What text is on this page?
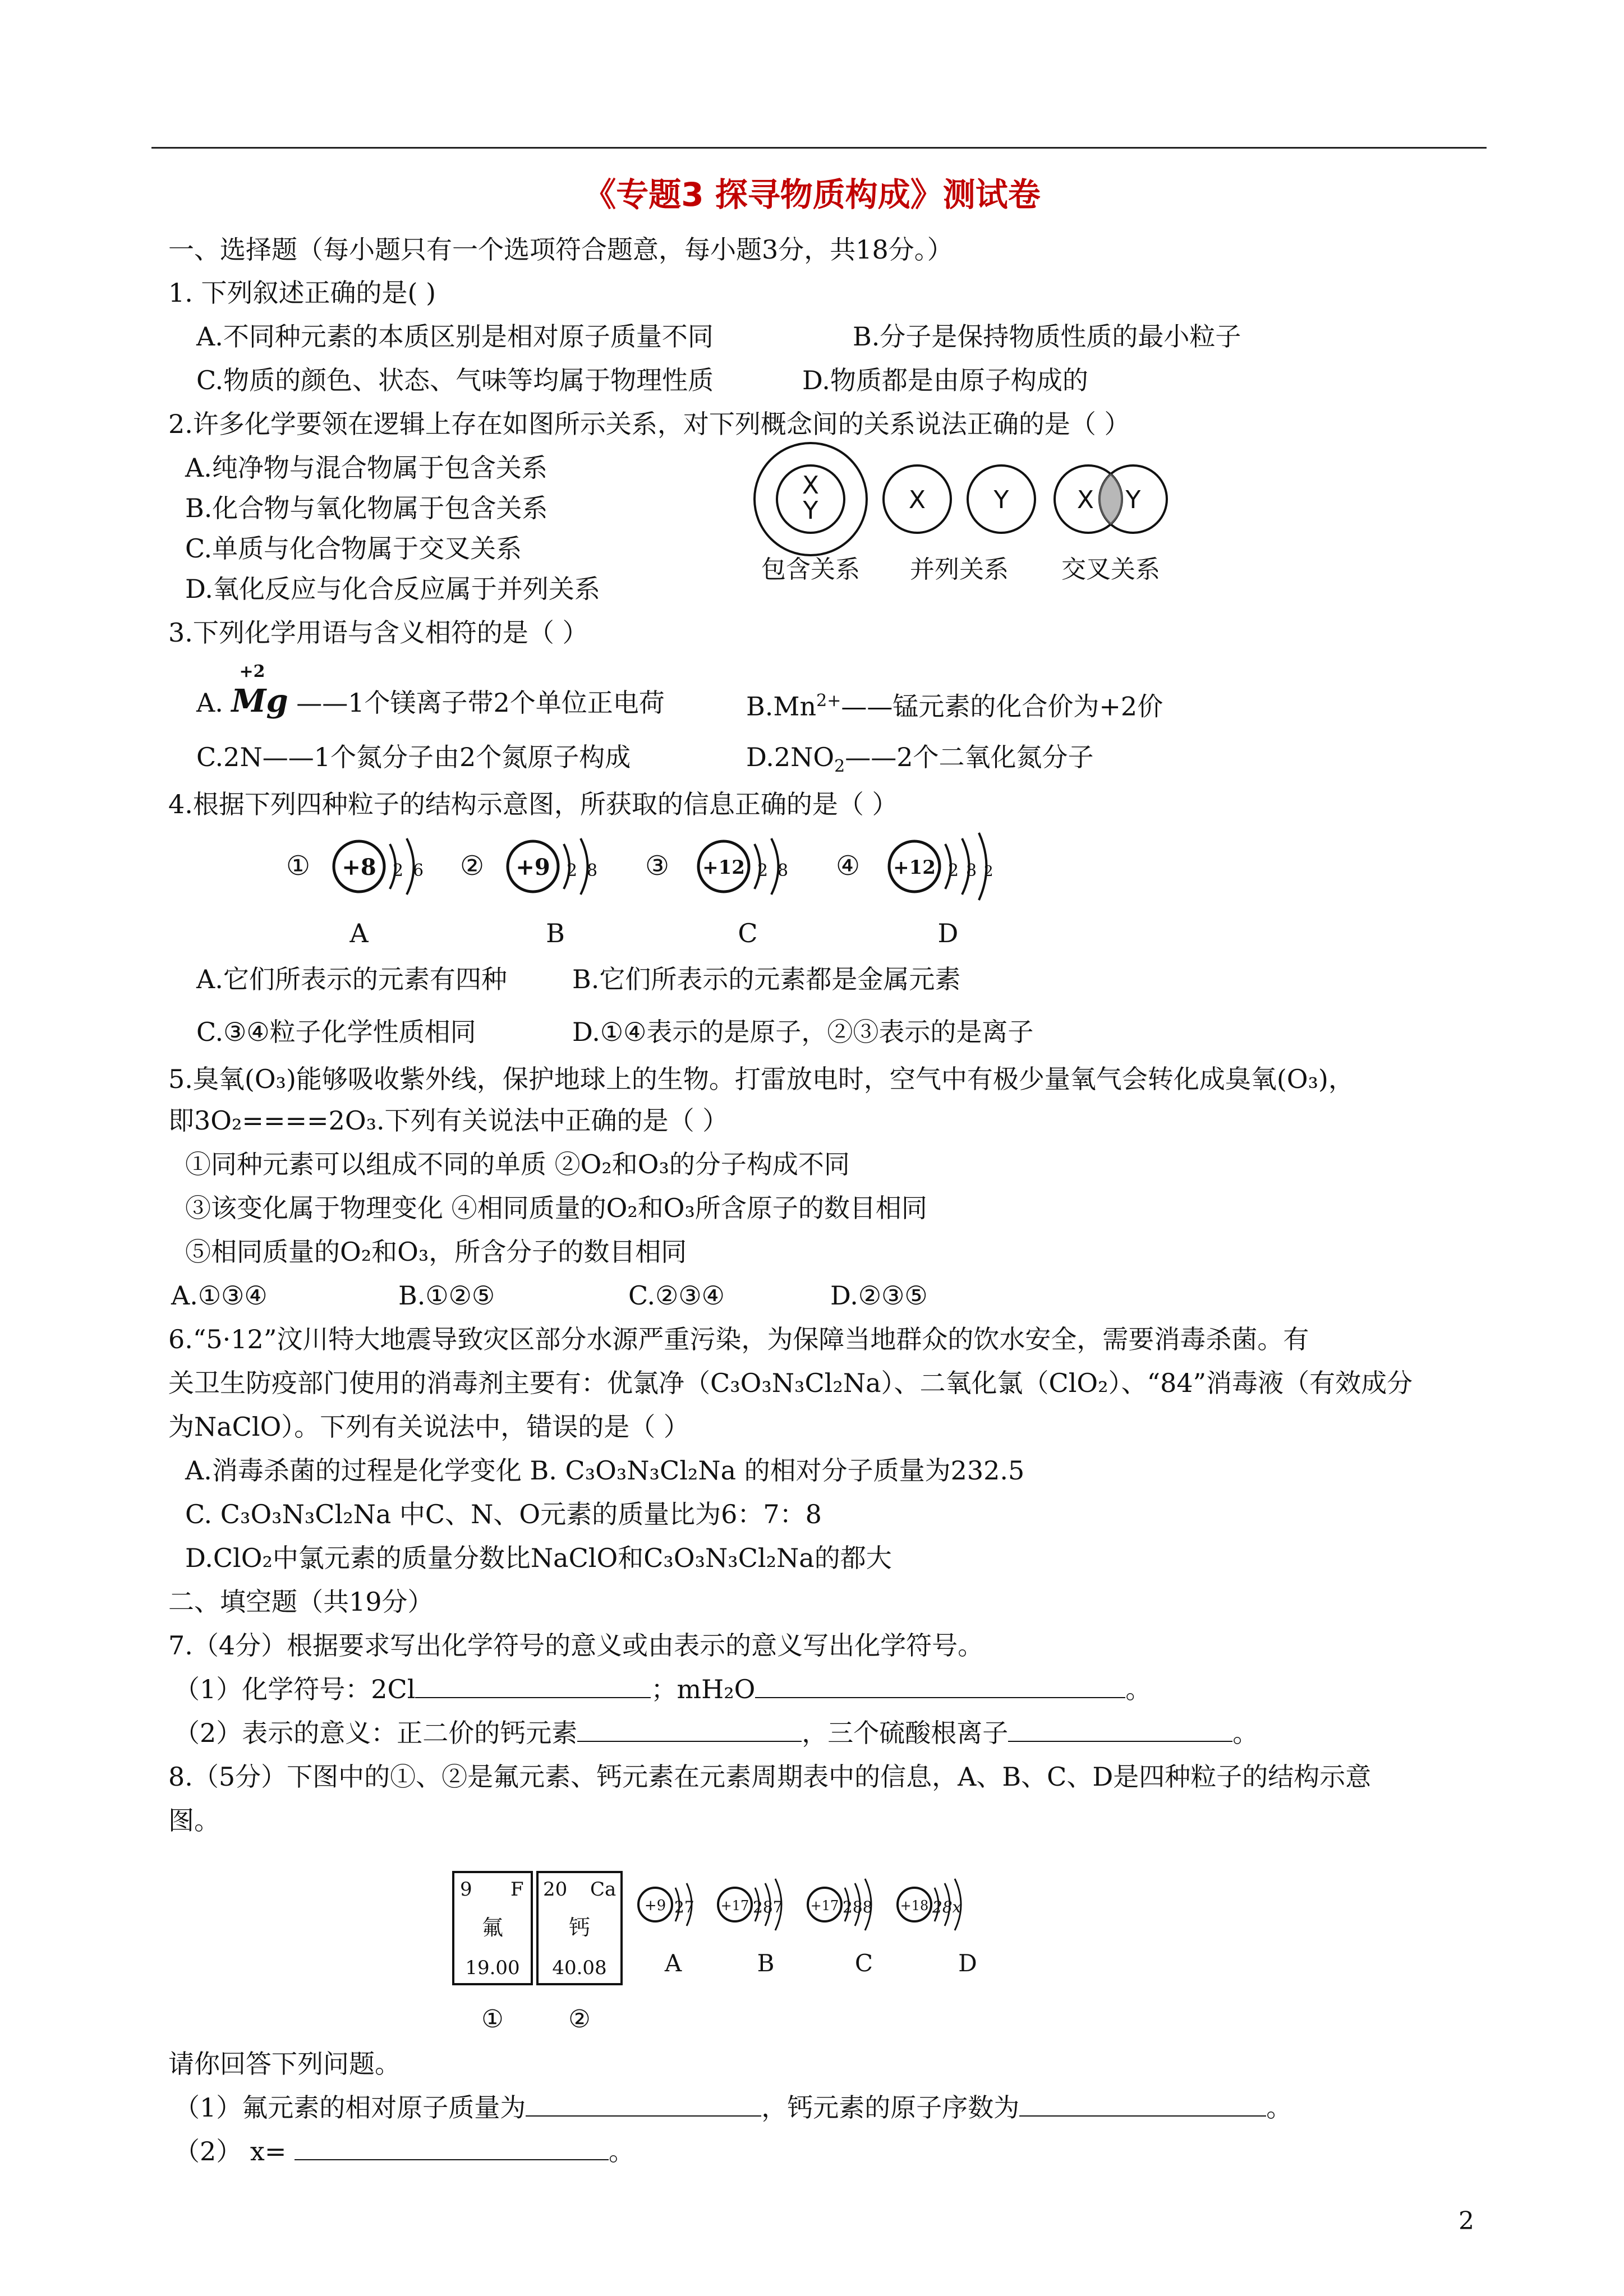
《专题3 探寻物质构成》测试卷
一、选择题（每小题只有一个选项符合题意，每小题3分，共18分。）
1. 下列叙述正确的是( )
A.不同种元素的本质区别是相对原子质量不同	B.分子是保持物质性质的最小粒子
C.物质的颜色、状态、气味等均属于物理性质	D.物质都是由原子构成的
2.许多化学要领在逻辑上存在如图所示关系，对下列概念间的关系说法正确的是（ ）
A.纯净物与混合物属于包含关系
B.化合物与氧化物属于包含关系
C.单质与化合物属于交叉关系
D.氧化反应与化合反应属于并列关系
X
Y	X	Y	X Y
包含关系 并列关系 交叉关系
3.下列化学用语与含义相符的是（ ）
A.
+2
Mg ——1个镁离子带2个单位正电荷	$B.Mn^{2+}——$锰元素的化合价为+2价
C.2N——1个氮分子由2个氮原子构成	$D.2NO_2——2$个二氧化氮分子
4.根据下列四种粒子的结构示意图，所获取的信息正确的是（ ）
① +8 2 6
A
② +9 2 8
B
③ +12 2 8
C
④ +12 2 8 2
D
A.它们所表示的元素有四种	B.它们所表示的元素都是金属元素
C.③④粒子化学性质相同	D.①④表示的是原子，②③表示的是离子
5.臭氧(O₃)能够吸收紫外线，保护地球上的生物。打雷放电时，空气中有极少量氧气会转化成臭氧(O₃)，
即3O₂====2O₃.下列有关说法中正确的是（ ）
①同种元素可以组成不同的单质 ②O₂和O₃的分子构成不同
③该变化属于物理变化 ④相同质量的O₂和O₃所含原子的数目相同
⑤相同质量的O₂和O₃，所含分子的数目相同
A.①③④	B.①②⑤	C.②③④	D.②③⑤
6.“5·12”汶川特大地震导致灾区部分水源严重污染，为保障当地群众的饮水安全，需要消毒杀菌。有
关卫生防疫部门使用的消毒剂主要有：优氯净（C₃O₃N₃Cl₂Na）、二氧化氯（ClO₂）、“84”消毒液（有效成分
为NaClO）。下列有关说法中，错误的是（ ）
A.消毒杀菌的过程是化学变化 B. C₃O₃N₃Cl₂Na 的相对分子质量为232.5
C. C₃O₃N₃Cl₂Na 中C、N、O元素的质量比为6：7：8
D.ClO₂中氯元素的质量分数比NaClO和C₃O₃N₃Cl₂Na的都大
二、填空题（共19分）
7.（4分）根据要求写出化学符号的意义或由表示的意义写出化学符号。
（1）化学符号：2Cl	；mH₂O	。
（2）表示的意义：正二价的钙元素	，三个硫酸根离子	。
8.（5分）下图中的①、②是氟元素、钙元素在元素周期表中的信息，A、B、C、D是四种粒子的结构示意
图。
9 F
氟
19.00
①
20 Ca
钙
40.08
②
+9 27
A
+17 287
B
+17 288
C
+18 28x
D
请你回答下列问题。
（1）氟元素的相对原子质量为	，钙元素的原子序数为	。
（2） x=	。
2
